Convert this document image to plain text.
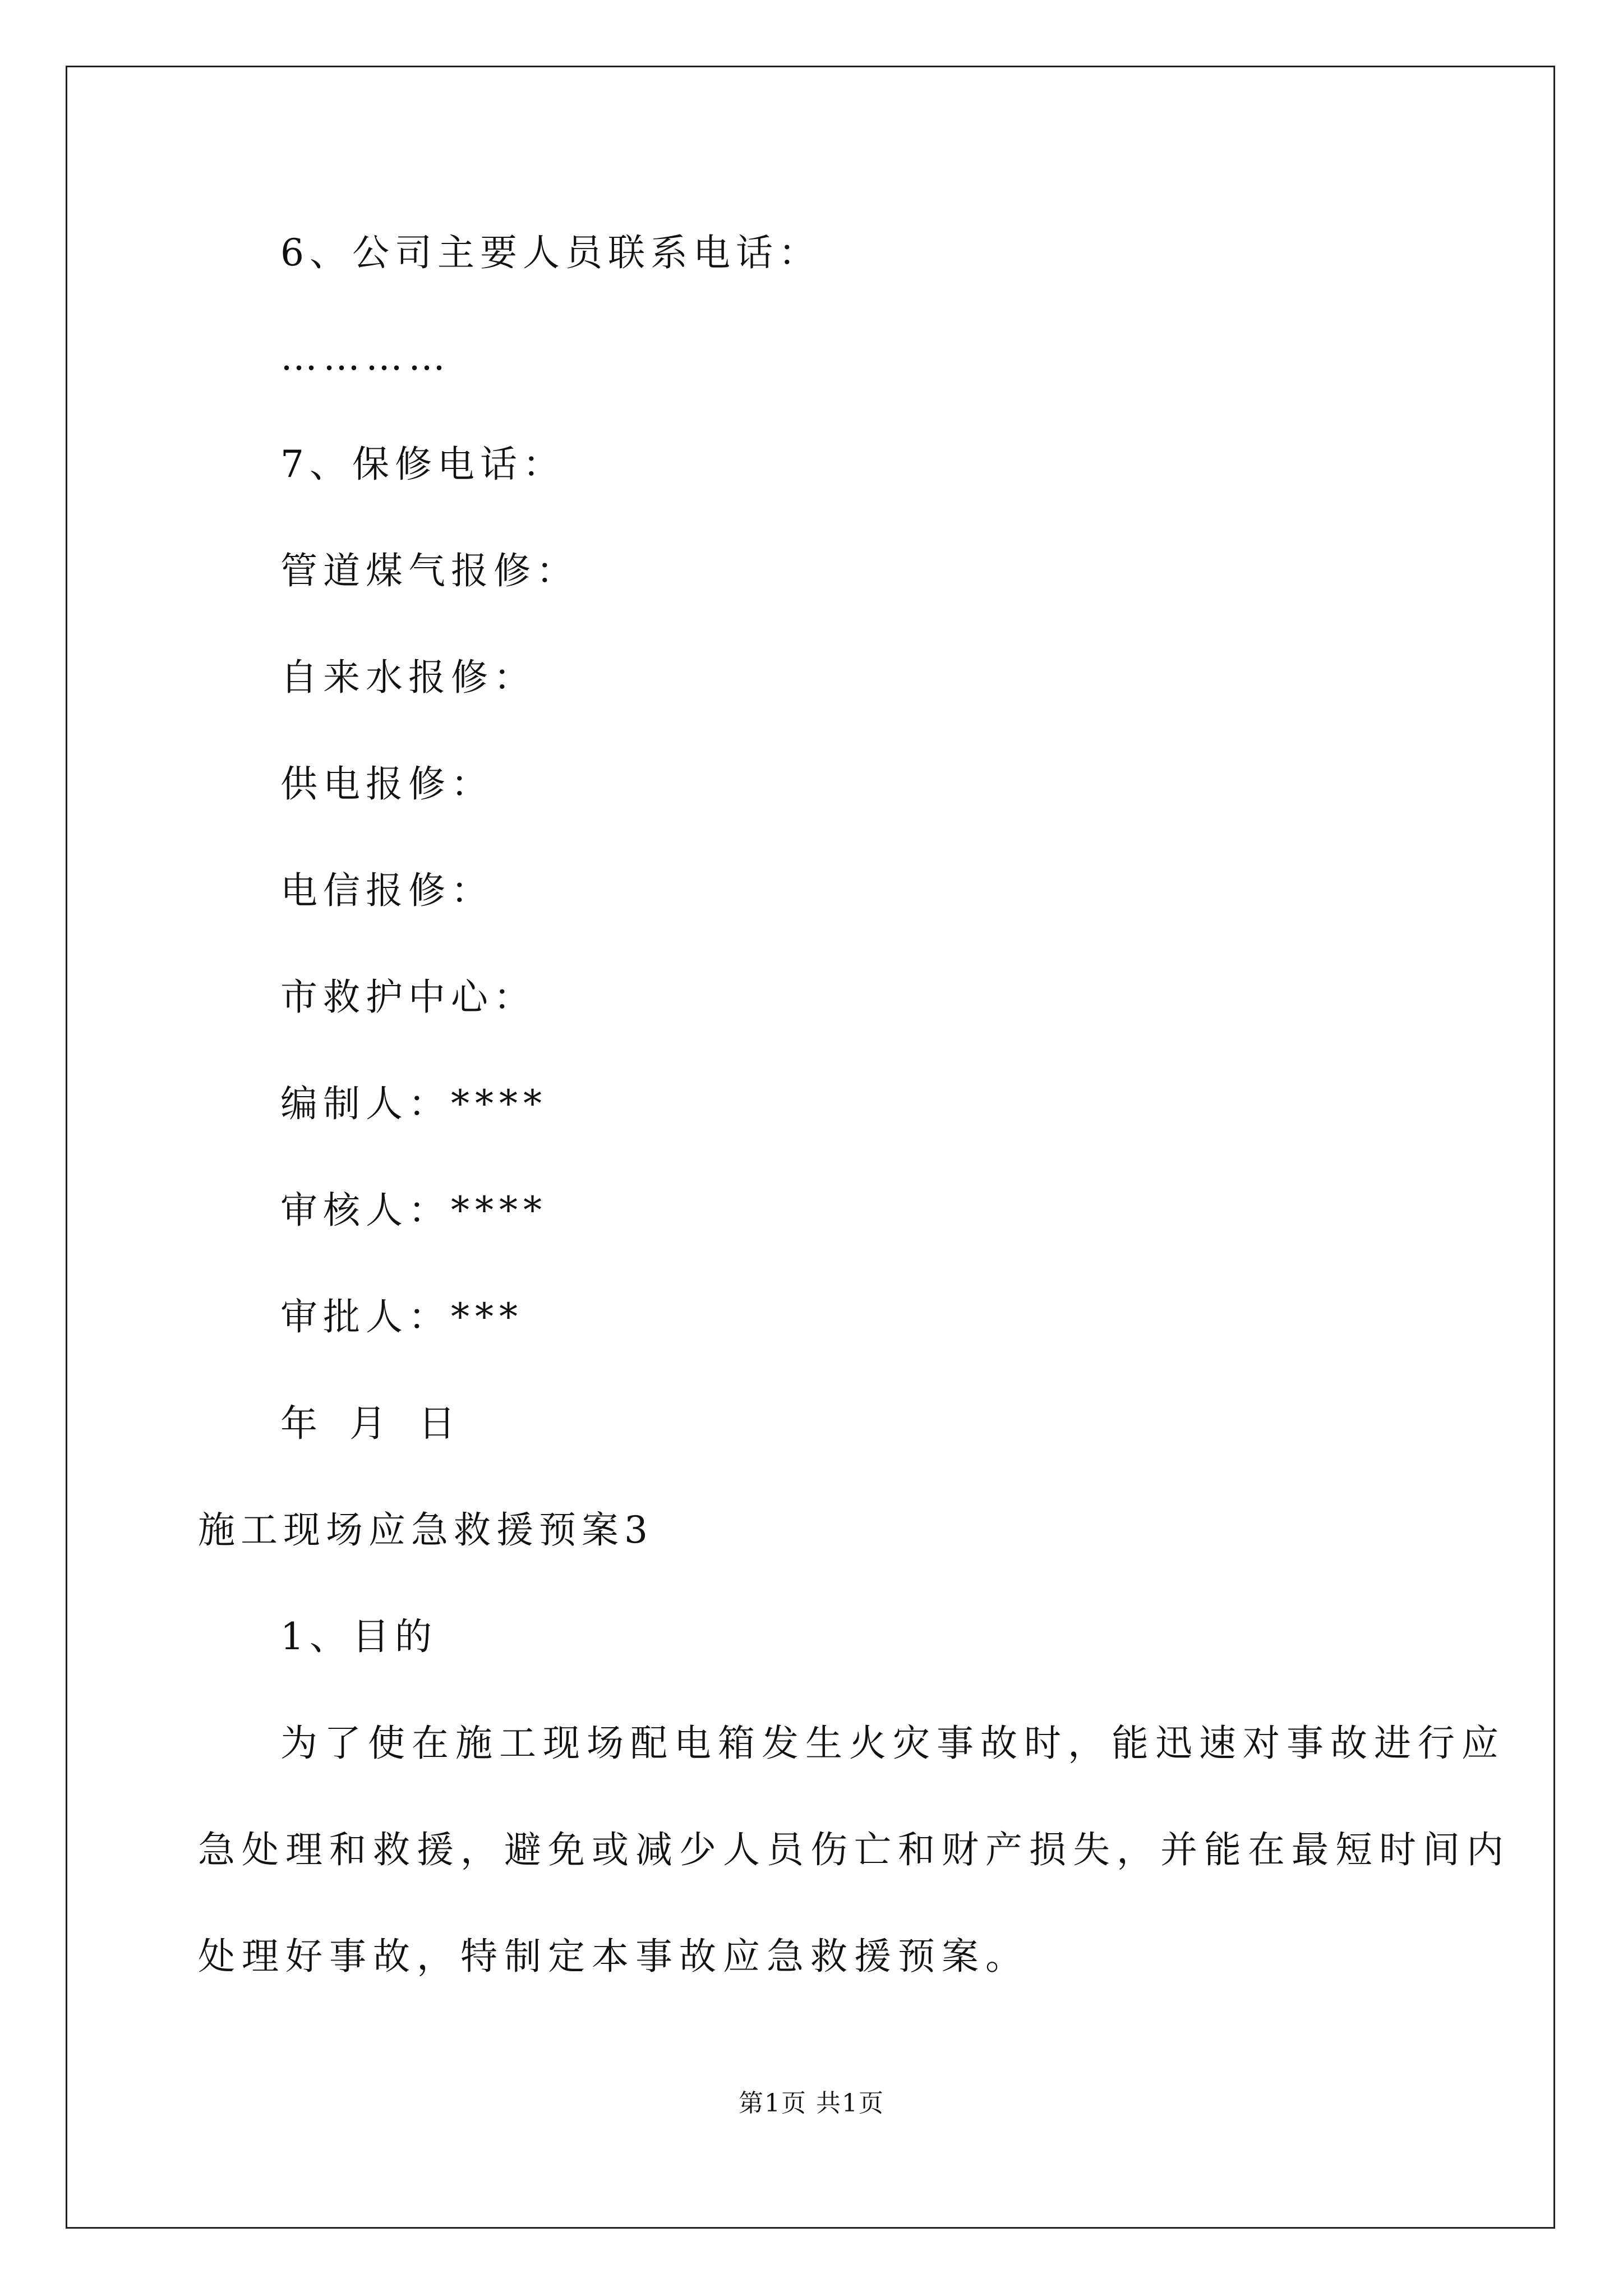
6、公司主要人员联系电话：
…………
7、保修电话：
管道煤气报修：
自来水报修：
供电报修：
电信报修：
市救护中心：
编制人：****
审核人：****
审批人：***
年 月 日
施工现场应急救援预案3
1、目的
为了使在施工现场配电箱发生火灾事故时，能迅速对事故进行应
急处理和救援，避免或减少人员伤亡和财产损失，并能在最短时间内
处理好事故，特制定本事故应急救援预案。
第1页 共1页
